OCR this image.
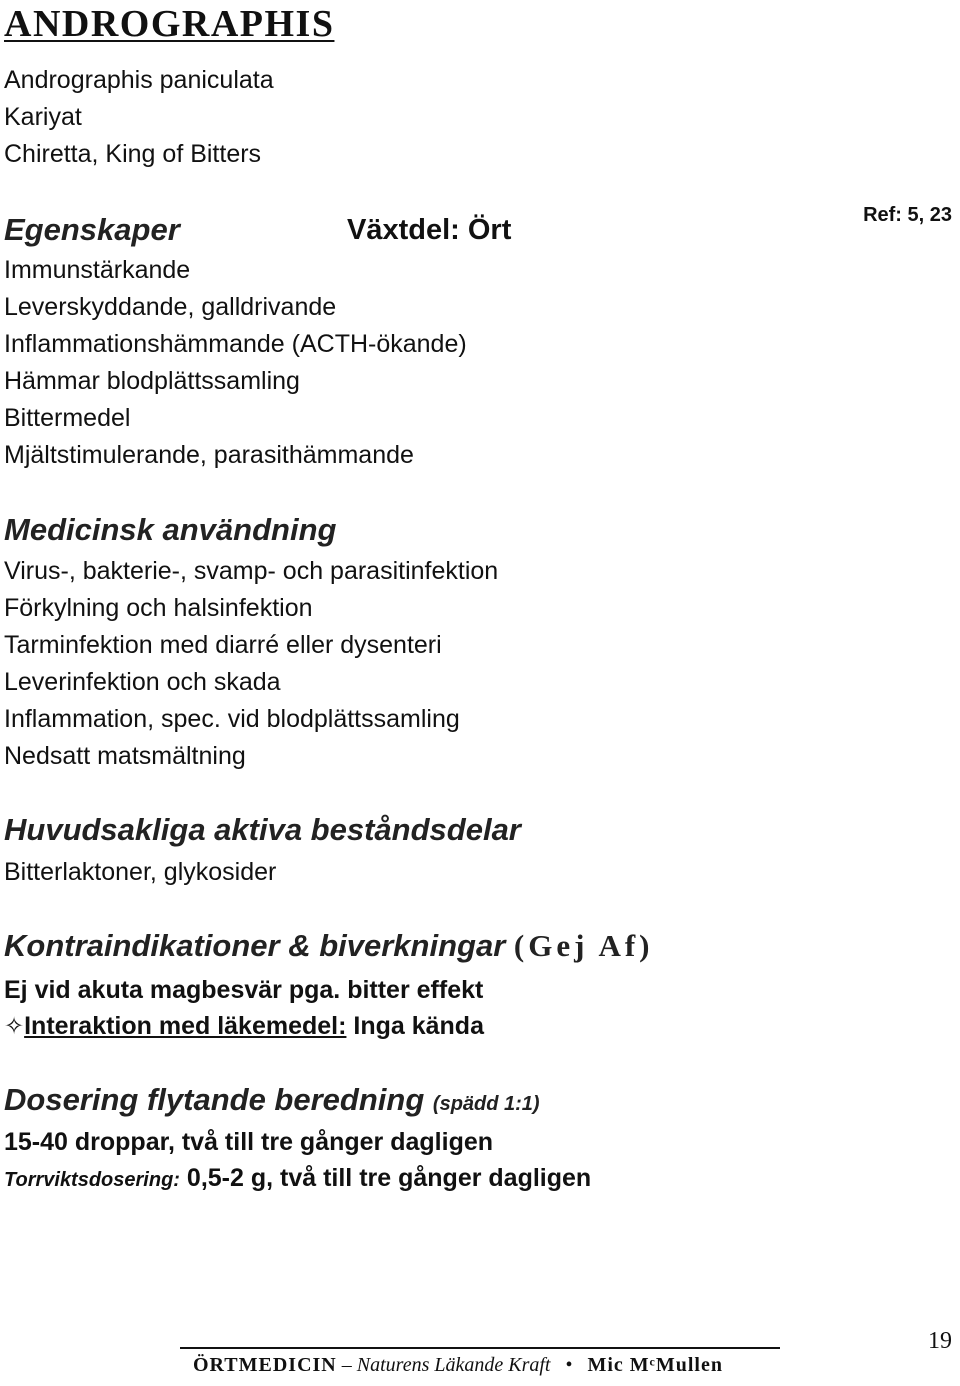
ANDROGRAPHIS
Andrographis paniculata
Kariyat
Chiretta, King of Bitters
Egenskaper	Växtdel: Ört	Ref: 5, 23
Immunstärkande
Leverskyddande, galldrivande
Inflammationshämmande (ACTH-ökande)
Hämmar blodplättssamling
Bittermedel
Mjältstimulerande, parasithämmande
Medicinsk användning
Virus-, bakterie-, svamp- och parasitinfektion
Förkylning och halsinfektion
Tarminfektion med diarré eller dysenteri
Leverinfektion och skada
Inflammation, spec. vid blodplättssamling
Nedsatt matsmältning
Huvudsakliga aktiva beståndsdelar
Bitterlaktoner, glykosider
Kontraindikationer & biverkningar (Gej Af)
Ej vid akuta magbesvär pga. bitter effekt
✧Interaktion med läkemedel: Inga kända
Dosering flytande beredning (spädd 1:1)
15-40 droppar, två till tre gånger dagligen
Torrviktsdosering: 0,5-2 g, två till tre gånger dagligen
19
ÖRTMEDICIN – Naturens Läkande Kraft • Mic MᶜMullen
